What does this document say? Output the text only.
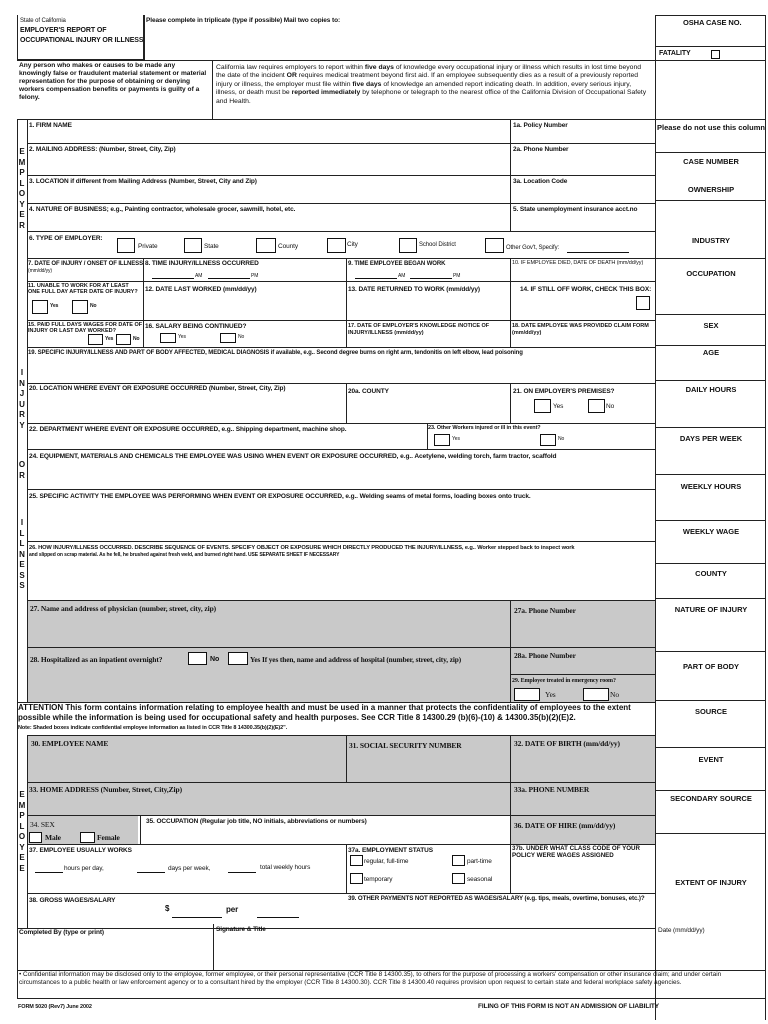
State of California
EMPLOYER'S REPORT OF
OCCUPATIONAL INJURY OR ILLNESS
Please complete in triplicate (type if possible) Mail two copies to:	OSHA CASE NO.
FATALITY
Any person who makes or causes to be made any knowingly false or fraudulent material statement or material representation for the purpose of obtaining or denying workers compensation benefits or payments is guilty of a felony.
California law requires employers to report within five days of knowledge every occupational injury or illness which results in lost time beyond the date of the incident OR requires medical treatment beyond first aid. If an employee subsequently dies as a result of a previously reported injury or illness, the employer must file within five days of knowledge an amended report indicating death. In addition, every serious injury, illness, or death must be reported immediately by telephone or telegraph to the nearest office of the California Division of Occupational Safety and Health.
E
M
P
L
O
Y
E
R
I
N
J
U
R
Y
O
R
I
L
L
N
E
S
S
E
M
P
L
O
Y
E
E
Please do not use this column
CASE NUMBER
OWNERSHIP
INDUSTRY
OCCUPATION
SEX
AGE
DAILY HOURS
DAYS PER WEEK
WEEKLY HOURS
WEEKLY WAGE
COUNTY
NATURE OF INJURY
PART OF BODY
SOURCE
EVENT
SECONDARY SOURCE
EXTENT OF INJURY
1. FIRM NAME	1a. Policy Number
2. MAILING ADDRESS: (Number, Street, City, Zip)	2a. Phone Number
3. LOCATION if different from Mailing Address (Number, Street, City and Zip)	3a. Location Code
4. NATURE OF BUSINESS; e.g., Painting contractor, wholesale grocer, sawmill, hotel, etc.	5. State unemployment insurance acct.no
6. TYPE OF EMPLOYER:
Private	State	County	City	School District	Other Gov't, Specify:
7. DATE OF INJURY / ONSET OF ILLNESS
(mm/dd/yy)
8. TIME INJURY/ILLNESS OCCURRED
AM	PM
9. TIME EMPLOYEE BEGAN WORK
AM	PM
10. IF EMPLOYEE DIED, DATE OF DEATH (mm/dd/yy)
11. UNABLE TO WORK FOR AT LEAST ONE FULL DAY AFTER DATE OF INJURY?
Yes	No
12. DATE LAST WORKED (mm/dd/yy)	13. DATE RETURNED TO WORK (mm/dd/yy)	14. IF STILL OFF WORK, CHECK THIS BOX:
15. PAID FULL DAYS WAGES FOR DATE OF INJURY OR LAST DAY WORKED?
Yes	No
16. SALARY BEING CONTINUED?
Yes	No
17. DATE OF EMPLOYER'S KNOWLEDGE /NOTICE OF INJURY/ILLNESS (mm/dd/yy)
18. DATE EMPLOYEE WAS PROVIDED CLAIM FORM (mm/dd/yy)
19. SPECIFIC INJURY/ILLNESS AND PART OF BODY AFFECTED, MEDICAL DIAGNOSIS if available, e.g.. Second degree burns on right arm, tendonitis on left elbow, lead poisoning
20. LOCATION WHERE EVENT OR EXPOSURE OCCURRED (Number, Street, City, Zip)	20a. COUNTY	21. ON EMPLOYER'S PREMISES?
Yes	No
22. DEPARTMENT WHERE EVENT OR EXPOSURE OCCURRED, e.g.. Shipping department, machine shop.	23. Other Workers injured or ill in this event?
Yes	No
24. EQUIPMENT, MATERIALS AND CHEMICALS THE EMPLOYEE WAS USING WHEN EVENT OR EXPOSURE OCCURRED, e.g.. Acetylene, welding torch, farm tractor, scaffold
25. SPECIFIC ACTIVITY THE EMPLOYEE WAS PERFORMING WHEN EVENT OR EXPOSURE OCCURRED, e.g.. Welding seams of metal forms, loading boxes onto truck.
26. HOW INJURY/ILLNESS OCCURRED. DESCRIBE SEQUENCE OF EVENTS. SPECIFY OBJECT OR EXPOSURE WHICH DIRECTLY PRODUCED THE INJURY/ILLNESS, e.g.. Worker stepped back to inspect work
and slipped on scrap material. As he fell, he brushed against fresh weld, and burned right hand. USE SEPARATE SHEET IF NECESSARY
27. Name and address of physician (number, street, city, zip)	27a. Phone Number
28. Hospitalized as an inpatient overnight?	No	Yes If yes then, name and address of hospital (number, street, city, zip)	28a. Phone Number
29. Employee treated in emergency room?
Yes	No
ATTENTION This form contains information relating to employee health and must be used in a manner that protects the confidentiality of employees to the extent possible while the information is being used for occupational safety and health purposes. See CCR Title 8 14300.29 (b)(6)-(10) & 14300.35(b)(2)(E)2.
Note: Shaded boxes indicate confidential employee information as listed in CCR Title 8 14300.35(b)(2)(E)2".
30. EMPLOYEE NAME	31. SOCIAL SECURITY NUMBER	32. DATE OF BIRTH (mm/dd/yy)
33. HOME ADDRESS (Number, Street, City,Zip)	33a. PHONE NUMBER
34. SEX
Male	Female
35. OCCUPATION (Regular job title, NO initials, abbreviations or numbers)	36. DATE OF HIRE (mm/dd/yy)
37. EMPLOYEE USUALLY WORKS
hours per day,	days per week,	total weekly hours
37a. EMPLOYMENT STATUS
regular, full-time	part-time
temporary	seasonal
37b. UNDER WHAT CLASS CODE OF YOUR POLICY WERE WAGES ASSIGNED
38. GROSS WAGES/SALARY
$	per
39. OTHER PAYMENTS NOT REPORTED AS WAGES/SALARY (e.g. tips, meals, overtime, bonuses, etc.)?
Completed By (type or print)	Signature & Title	Date (mm/dd/yy)
• Confidential information may be disclosed only to the employee, former employee, or their personal representative (CCR Title 8 14300.35), to others for the purpose of processing a workers' compensation or other insurance claim; and under certain circumstances to a public health or law enforcement agency or to a consultant hired by the employer (CCR Title 8 14300.30). CCR Title 8 14300.40 requires provision upon request to certain state and federal workplace safety agencies.
FORM 5020 (Rev7) June 2002	FILING OF THIS FORM IS NOT AN ADMISSION OF LIABILITY
